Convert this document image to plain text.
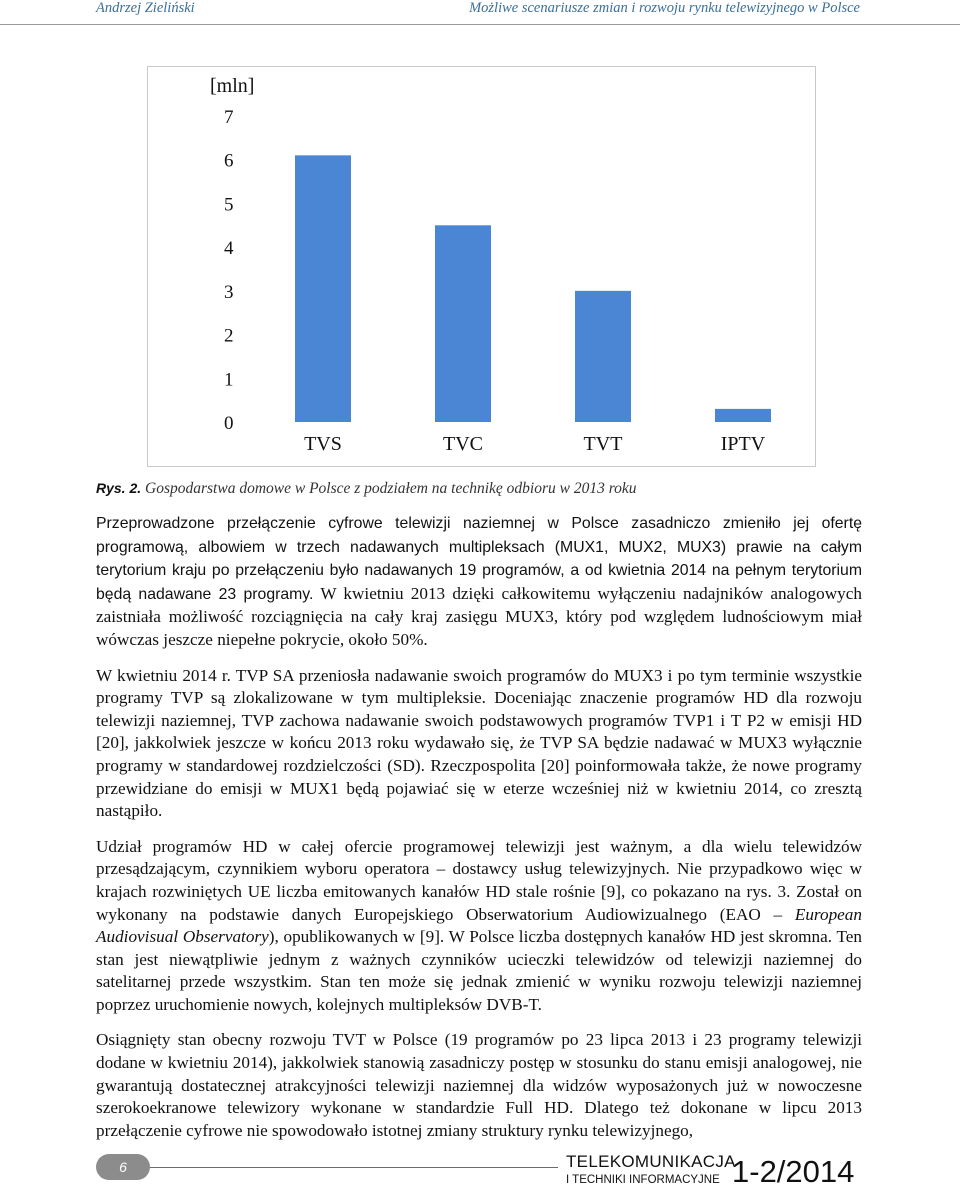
Andrzej Zieliński	Możliwe scenariusze zmian i rozwoju rynku telewizyjnego w Polsce
[mln]
0
1
2
3
4
5
6
7
TVS	TVC	TVT	IPTV
Rys. 2. Gospodarstwa domowe w Polsce z podziałem na technikę odbioru w 2013 roku

Przeprowadzone przełączenie cyfrowe telewizji naziemnej w Polsce zasadniczo zmieniło jej ofertę programową, albowiem w trzech nadawanych multipleksach (MUX1, MUX2, MUX3) prawie na całym terytorium kraju po przełączeniu było nadawanych 19 programów, a od kwietnia 2014 na pełnym terytorium będą nadawane 23 programy. W kwietniu 2013 dzięki całkowitemu wyłączeniu nadajników analogowych zaistniała możliwość rozciągnięcia na cały kraj zasięgu MUX3, który pod względem ludnościowym miał wówczas jeszcze niepełne pokrycie, około 50%.

W kwietniu 2014 r. TVP SA przeniosła nadawanie swoich programów do MUX3 i po tym terminie wszystkie programy TVP są zlokalizowane w tym multipleksie. Doceniając znaczenie programów HD dla rozwoju telewizji naziemnej, TVP zachowa nadawanie swoich podstawowych programów TVP1 i T P2 w emisji HD [20], jakkolwiek jeszcze w końcu 2013 roku wydawało się, że TVP SA będzie nadawać w MUX3 wyłącznie programy w standardowej rozdzielczości (SD). Rzeczpospolita [20] poinformowała także, że nowe programy przewidziane do emisji w MUX1 będą pojawiać się w eterze wcześniej niż w kwietniu 2014, co zresztą nastąpiło.

Udział programów HD w całej ofercie programowej telewizji jest ważnym, a dla wielu telewidzów przesądzającym, czynnikiem wyboru operatora – dostawcy usług telewizyjnych. Nie przypadkowo więc w krajach rozwiniętych UE liczba emitowanych kanałów HD stale rośnie [9], co pokazano na rys. 3. Został on wykonany na podstawie danych Europejskiego Obserwatorium Audiowizualnego (EAO – European Audiovisual Observatory), opublikowanych w [9]. W Polsce liczba dostępnych kanałów HD jest skromna. Ten stan jest niewątpliwie jednym z ważnych czynników ucieczki telewidzów od telewizji naziemnej do satelitarnej przede wszystkim. Stan ten może się jednak zmienić w wyniku rozwoju telewizji naziemnej poprzez uruchomienie nowych, kolejnych multipleksów DVB-T.

Osiągnięty stan obecny rozwoju TVT w Polsce (19 programów po 23 lipca 2013 i 23 programy telewizji dodane w kwietniu 2014), jakkolwiek stanowią zasadniczy postęp w stosunku do stanu emisji analogowej, nie gwarantują dostatecznej atrakcyjności telewizji naziemnej dla widzów wyposażonych już w nowoczesne szerokoekranowe telewizory wykonane w standardzie Full HD. Dlatego też dokonane w lipcu 2013 przełączenie cyfrowe nie spowodowało istotnej zmiany struktury rynku telewizyjnego,

6	TELEKOMUNIKACJA
I TECHNIKI INFORMACYJNE 1-2/2014
